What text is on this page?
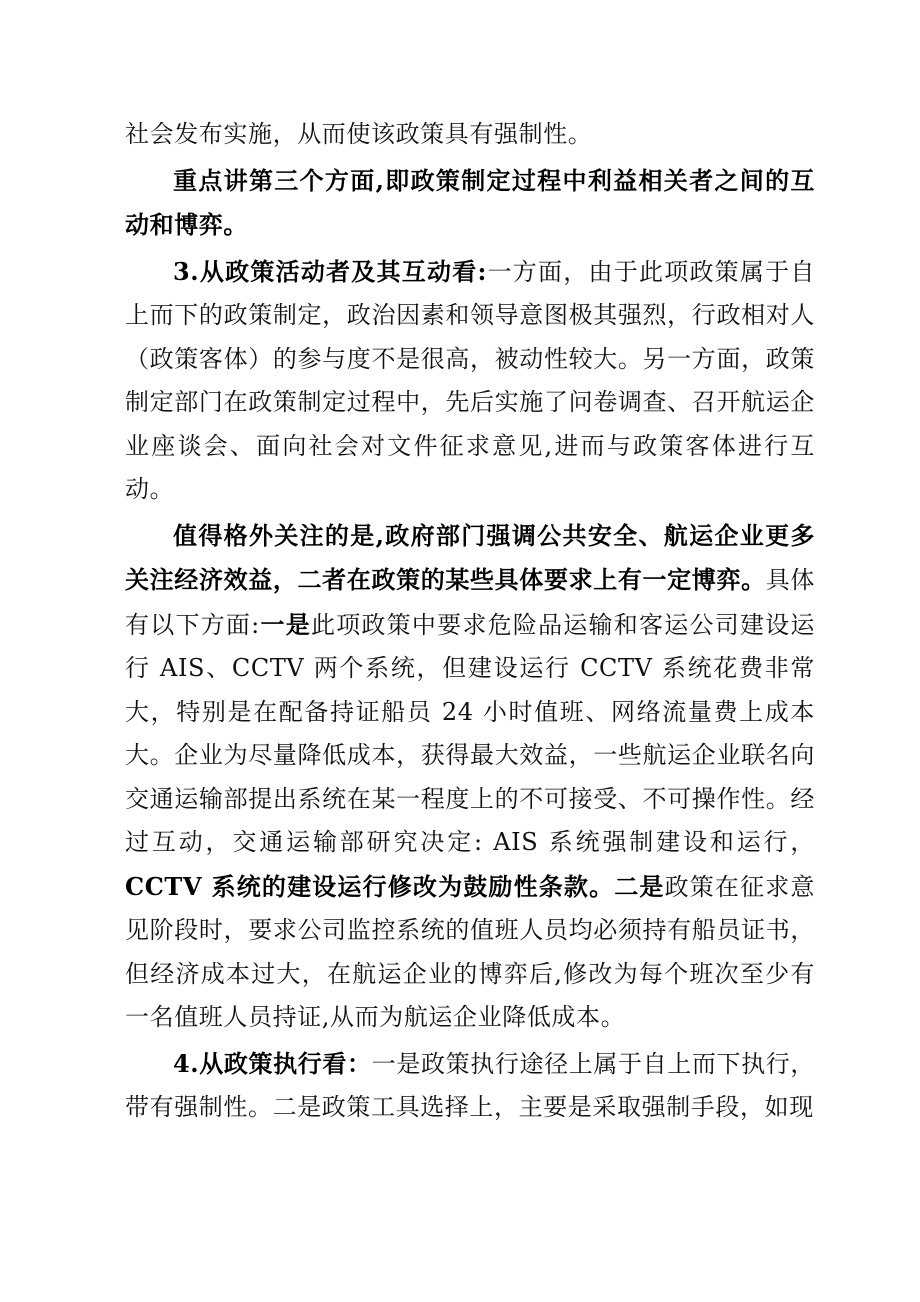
社会发布实施，从而使该政策具有强制性。

重点讲第三个方面,即政策制定过程中利益相关者之间的互动和博弈。

3.从政策活动者及其互动看:一方面，由于此项政策属于自上而下的政策制定，政治因素和领导意图极其强烈，行政相对人（政策客体）的参与度不是很高，被动性较大。另一方面，政策制定部门在政策制定过程中，先后实施了问卷调查、召开航运企业座谈会、面向社会对文件征求意见,进而与政策客体进行互动。

值得格外关注的是,政府部门强调公共安全、航运企业更多关注经济效益，二者在政策的某些具体要求上有一定博弈。具体有以下方面:一是此项政策中要求危险品运输和客运公司建设运行 AIS、CCTV 两个系统，但建设运行 CCTV 系统花费非常大，特别是在配备持证船员 24 小时值班、网络流量费上成本大。企业为尽量降低成本，获得最大效益，一些航运企业联名向交通运输部提出系统在某一程度上的不可接受、不可操作性。经过互动，交通运输部研究决定: AIS 系统强制建设和运行，CCTV 系统的建设运行修改为鼓励性条款。二是政策在征求意见阶段时，要求公司监控系统的值班人员均必须持有船员证书，但经济成本过大，在航运企业的博弈后,修改为每个班次至少有一名值班人员持证,从而为航运企业降低成本。

4.从政策执行看：一是政策执行途径上属于自上而下执行，带有强制性。二是政策工具选择上，主要是采取强制手段，如现
